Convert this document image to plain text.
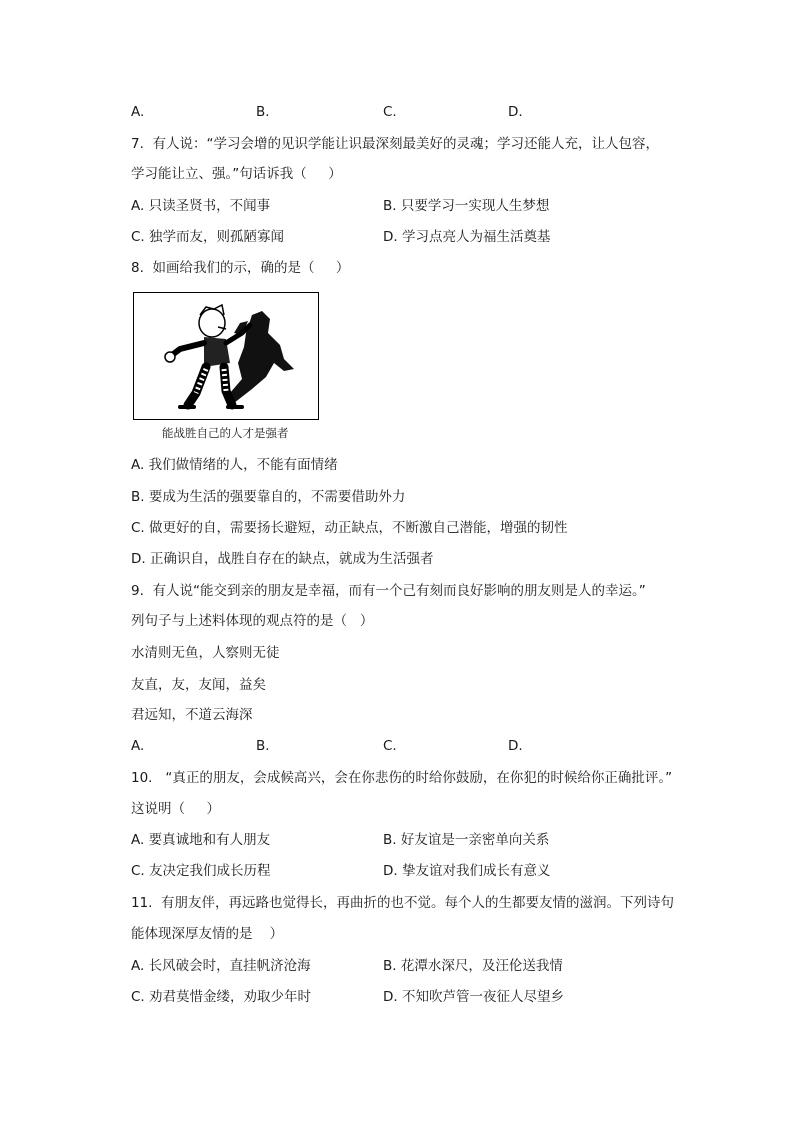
A.	B.	C.	D.
7.  有人说：“学习会增的见识学能让识最深刻最美好的灵魂；学习还能人充，让人包容，
学习能让立、强。”句话诉我（     ）
A. 只读圣贤书，不闻事	B. 只要学习一实现人生梦想
C. 独学而友，则孤陋寡闻	D. 学习点亮人为福生活奠基
8.  如画给我们的示，确的是（     ）
能战胜自己的人才是强者
A. 我们做情绪的人，不能有面情绪
B. 要成为生活的强要靠自的，不需要借助外力
C. 做更好的自，需要扬长避短，动正缺点，不断激自己潜能，增强的韧性
D. 正确识自，战胜自存在的缺点，就成为生活强者
9.  有人说“能交到亲的朋友是幸福，而有一个己有刻而良好影响的朋友则是人的幸运。”
列句子与上述料体现的观点符的是（   ）
水清则无鱼，人察则无徒
友直，友，友闻，益矣
君远知，不道云海深
A.	B.	C.	D.
10.   “真正的朋友，会成候高兴，会在你悲伤的时给你鼓励，在你犯的时候给你正确批评。”
这说明（     ）
A. 要真诚地和有人朋友	B. 好友谊是一亲密单向关系
C. 友决定我们成长历程	D. 挚友谊对我们成长有意义
11.  有朋友伴，再远路也觉得长，再曲折的也不觉。每个人的生都要友情的滋润。下列诗句
能体现深厚友情的是    ）
A. 长风破会时，直挂帆济沧海	B. 花潭水深尺，及汪伦送我情
C. 劝君莫惜金缕，劝取少年时	D. 不知吹芦管一夜征人尽望乡
